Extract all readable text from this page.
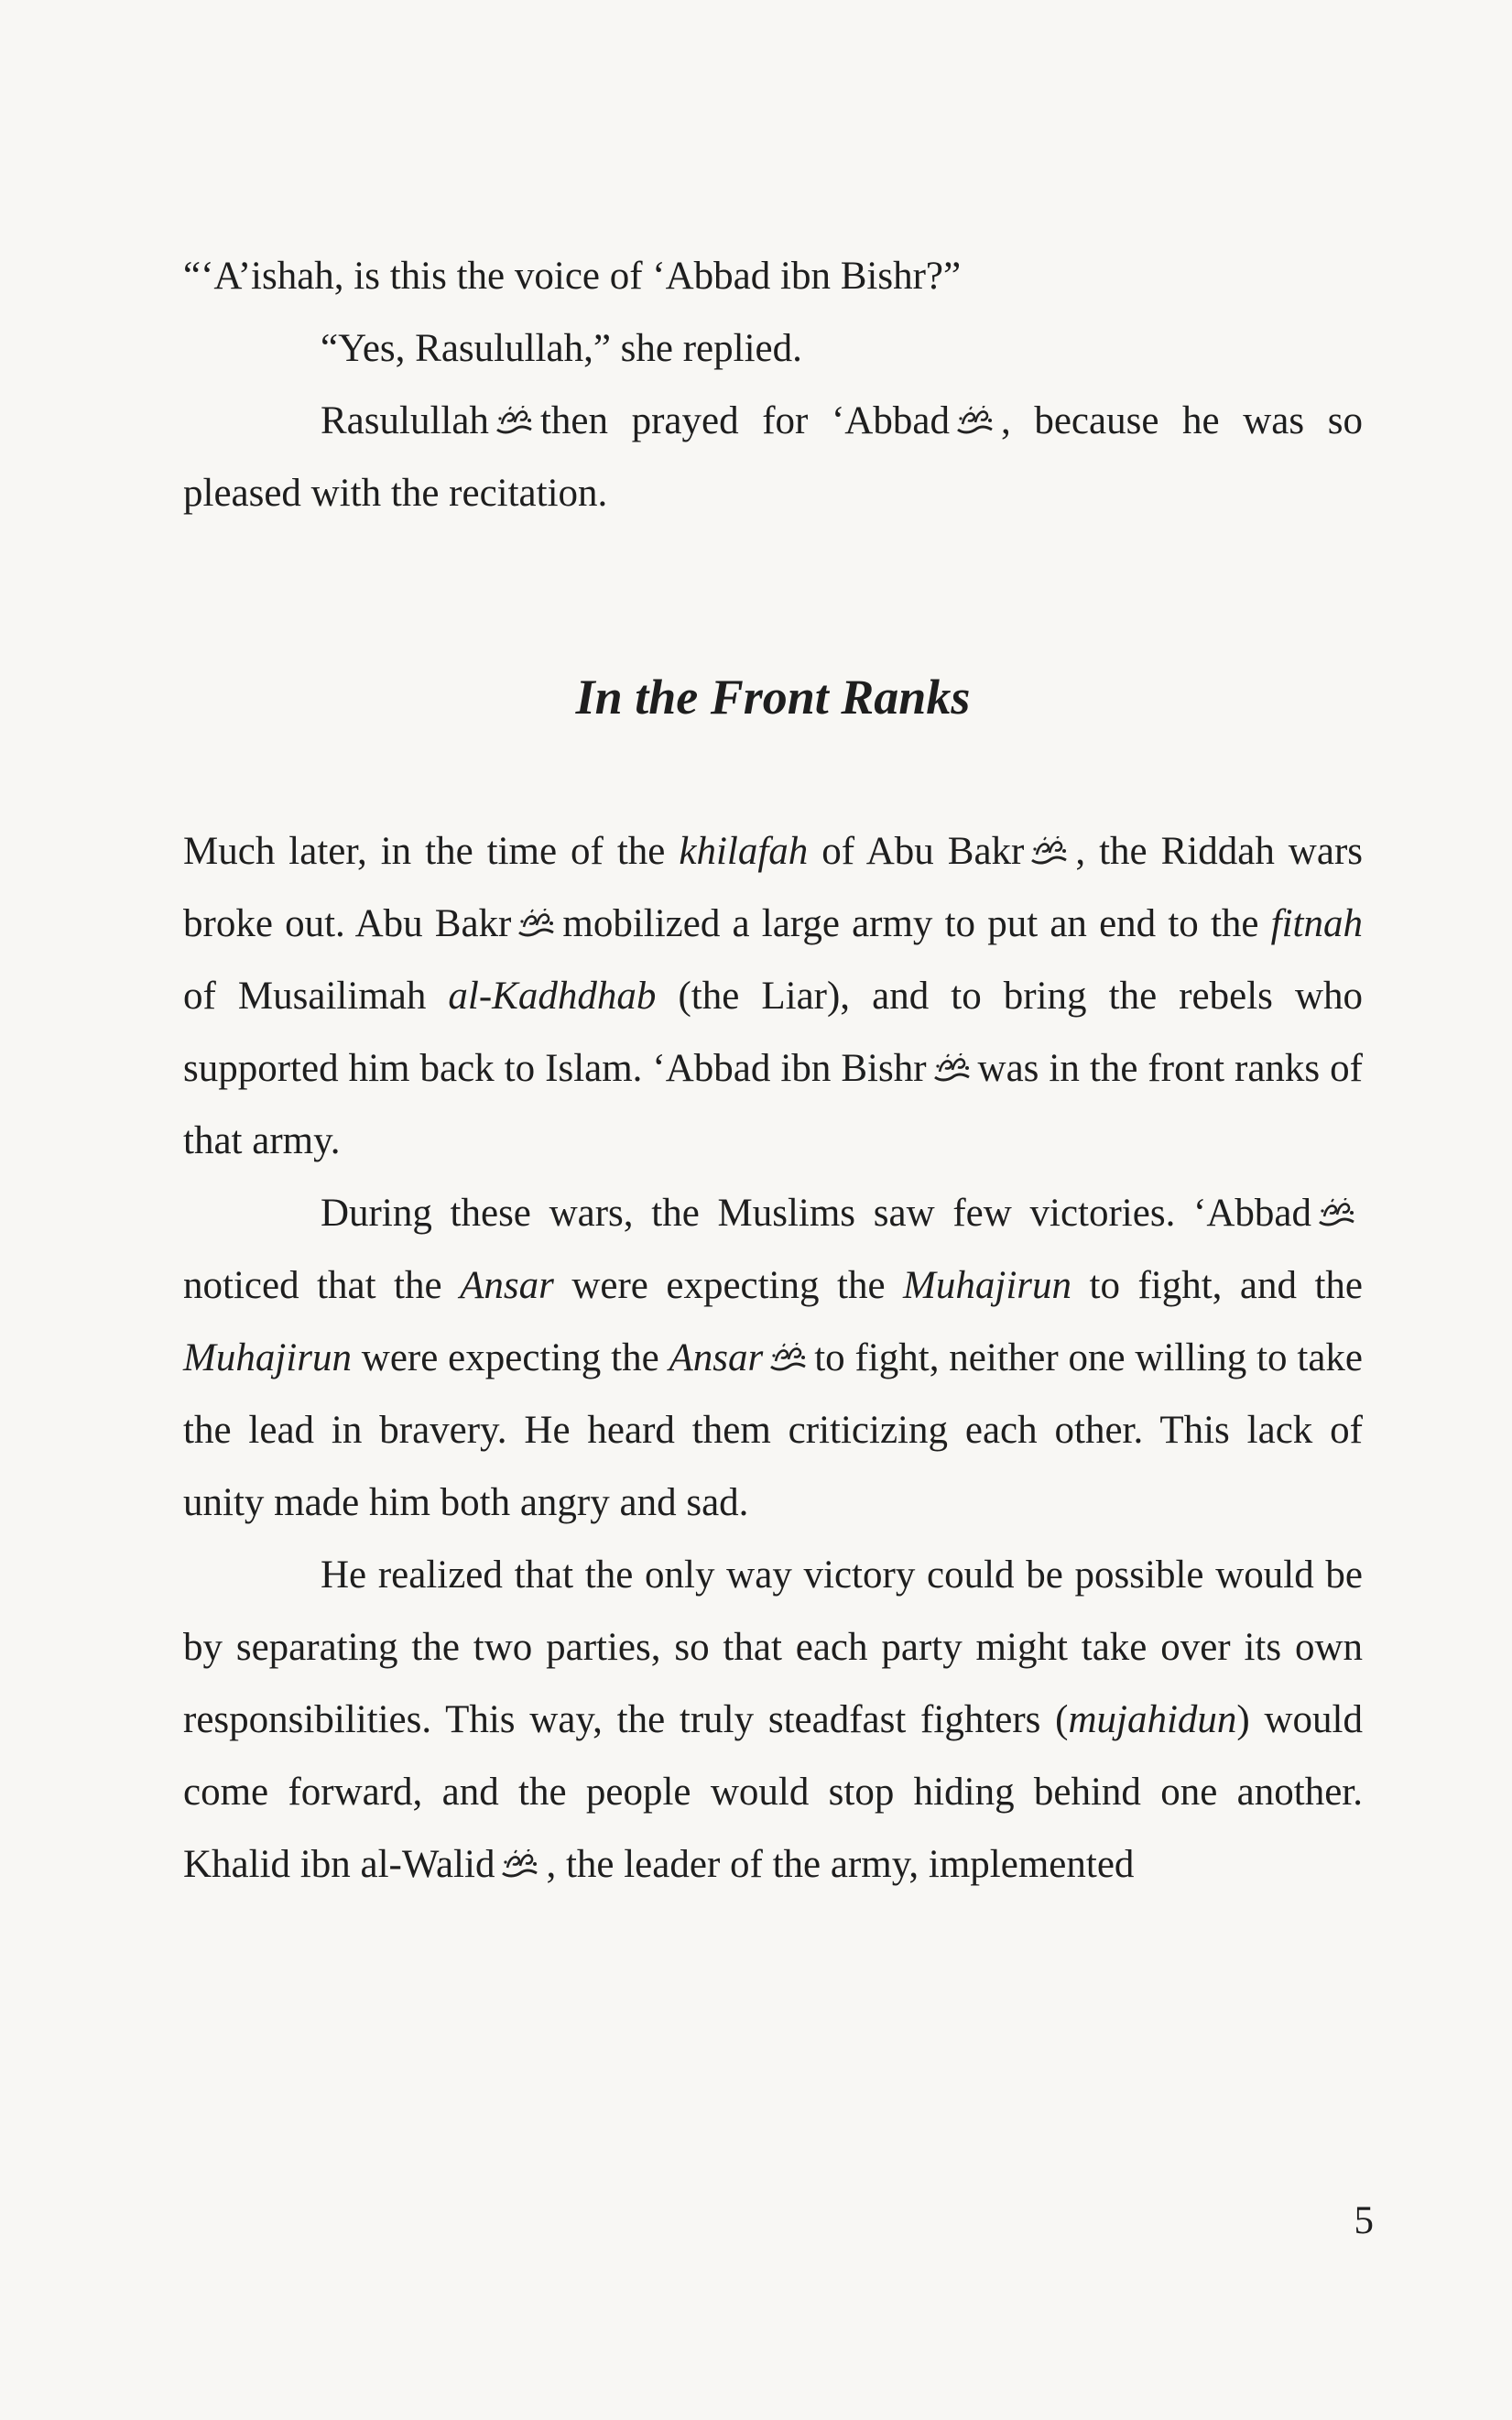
“‘A’ishah, is this the voice of ‘Abbad ibn Bishr?”

“Yes, Rasulullah,” she replied.

Rasulullah then prayed for ‘Abbad , because he was so pleased with the recitation.

In the Front Ranks

Much later, in the time of the khilafah of Abu Bakr , the Riddah wars broke out. Abu Bakr mobilized a large army to put an end to the fitnah of Musailimah al-Kadhdhab (the Liar), and to bring the rebels who supported him back to Islam. ‘Abbad ibn Bishr was in the front ranks of that army.

During these wars, the Muslims saw few victories. ‘Abbad
noticed that the Ansar were expecting the Muhajirun to fight, and the Muhajirun were expecting the Ansar to fight, neither one willing to take the lead in bravery. He heard them criticizing each other. This lack of unity made him both angry and sad.

He realized that the only way victory could be possible would be by separating the two parties, so that each party might take over its own responsibilities. This way, the truly steadfast fighters (mujahidun) would come forward, and the people would stop hiding behind one another. Khalid ibn al-Walid , the leader of the army, implemented

5
